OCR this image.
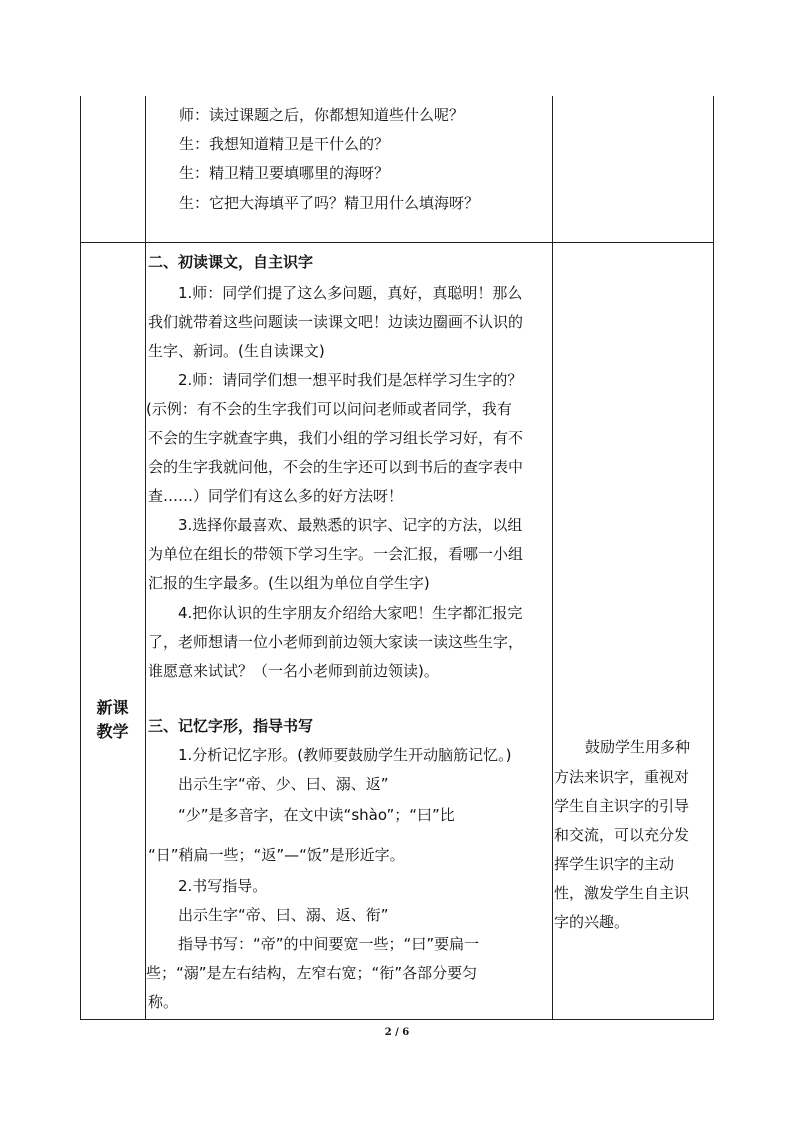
师：读过课题之后，你都想知道些什么呢？
生：我想知道精卫是干什么的？
生：精卫精卫要填哪里的海呀？
生：它把大海填平了吗？精卫用什么填海呀？
新课
教学
二、初读课文，自主识字
1.师：同学们提了这么多问题，真好，真聪明！那么
我们就带着这些问题读一读课文吧！边读边圈画不认识的
生字、新词。(生自读课文)
2.师：请同学们想一想平时我们是怎样学习生字的？
(示例：有不会的生字我们可以问问老师或者同学，我有
不会的生字就查字典，我们小组的学习组长学习好，有不
会的生字我就问他，不会的生字还可以到书后的查字表中
查……）同学们有这么多的好方法呀！
3.选择你最喜欢、最熟悉的识字、记字的方法，以组
为单位在组长的带领下学习生字。一会汇报，看哪一小组
汇报的生字最多。(生以组为单位自学生字)
4.把你认识的生字朋友介绍给大家吧！生字都汇报完
了，老师想请一位小老师到前边领大家读一读这些生字，
谁愿意来试试？（一名小老师到前边领读)。
三、记忆字形，指导书写
1.分析记忆字形。(教师要鼓励学生开动脑筋记忆。)
出示生字“帝、少、曰、溺、返”
“少”是多音字，在文中读“shào”；“曰”比
“日”稍扁一些；“返”—“饭”是形近字。
2.书写指导。
出示生字“帝、曰、溺、返、衔”
指导书写：“帝”的中间要宽一些；“曰”要扁一
些；“溺”是左右结构，左窄右宽；“衔”各部分要匀
称。
鼓励学生用多种
方法来识字，重视对
学生自主识字的引导
和交流，可以充分发
挥学生识字的主动
性，激发学生自主识
字的兴趣。
2 / 6
